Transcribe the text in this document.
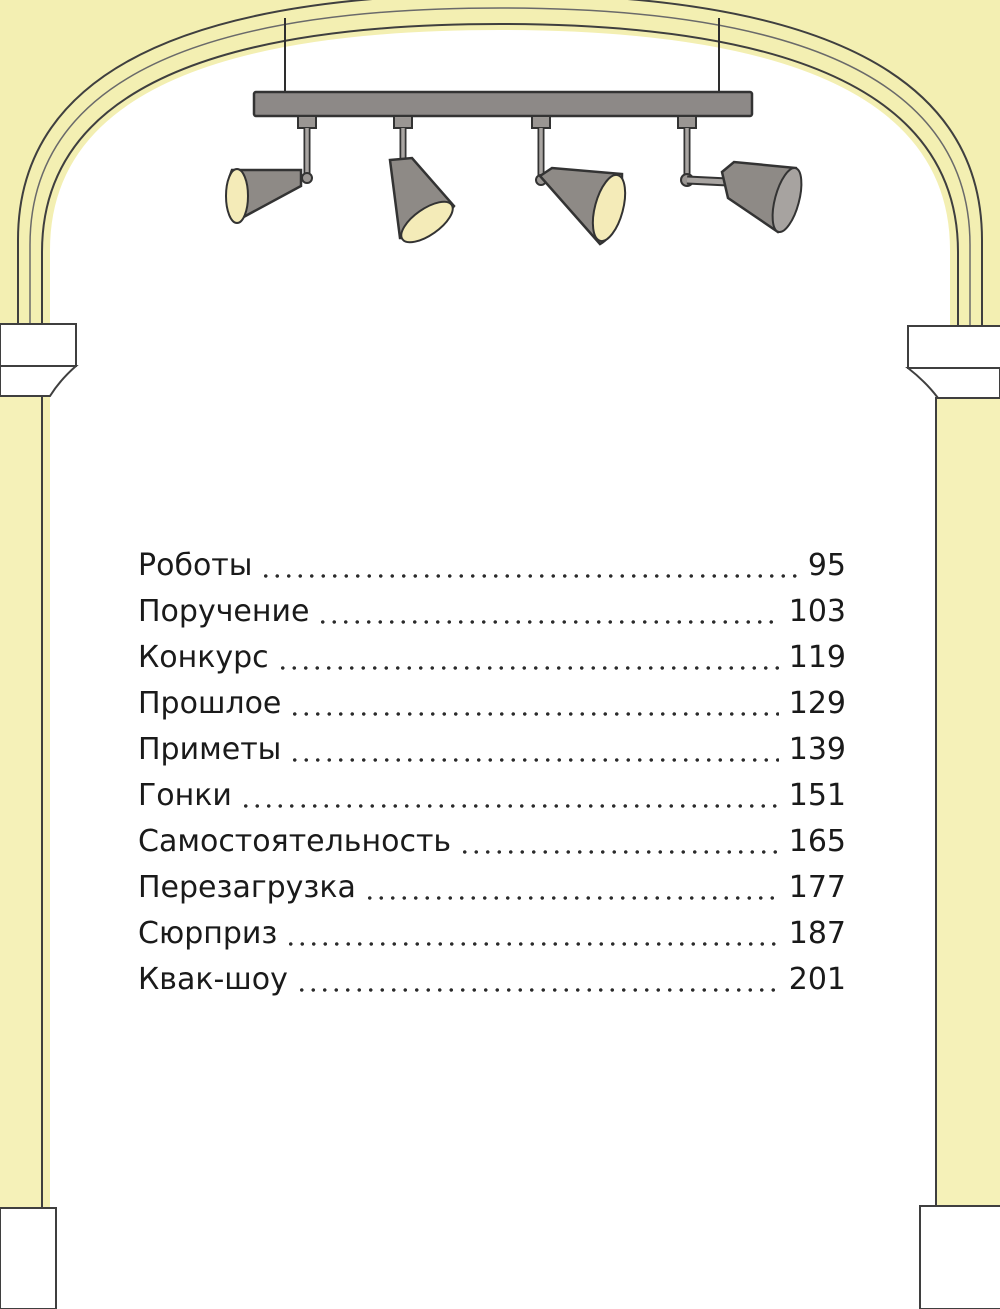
Роботы	95
Поручение	103
Конкурс	119
Прошлое	129
Приметы	139
Гонки	151
Самостоятельность	165
Перезагрузка	177
Сюрприз	187
Квак-шоу	201
